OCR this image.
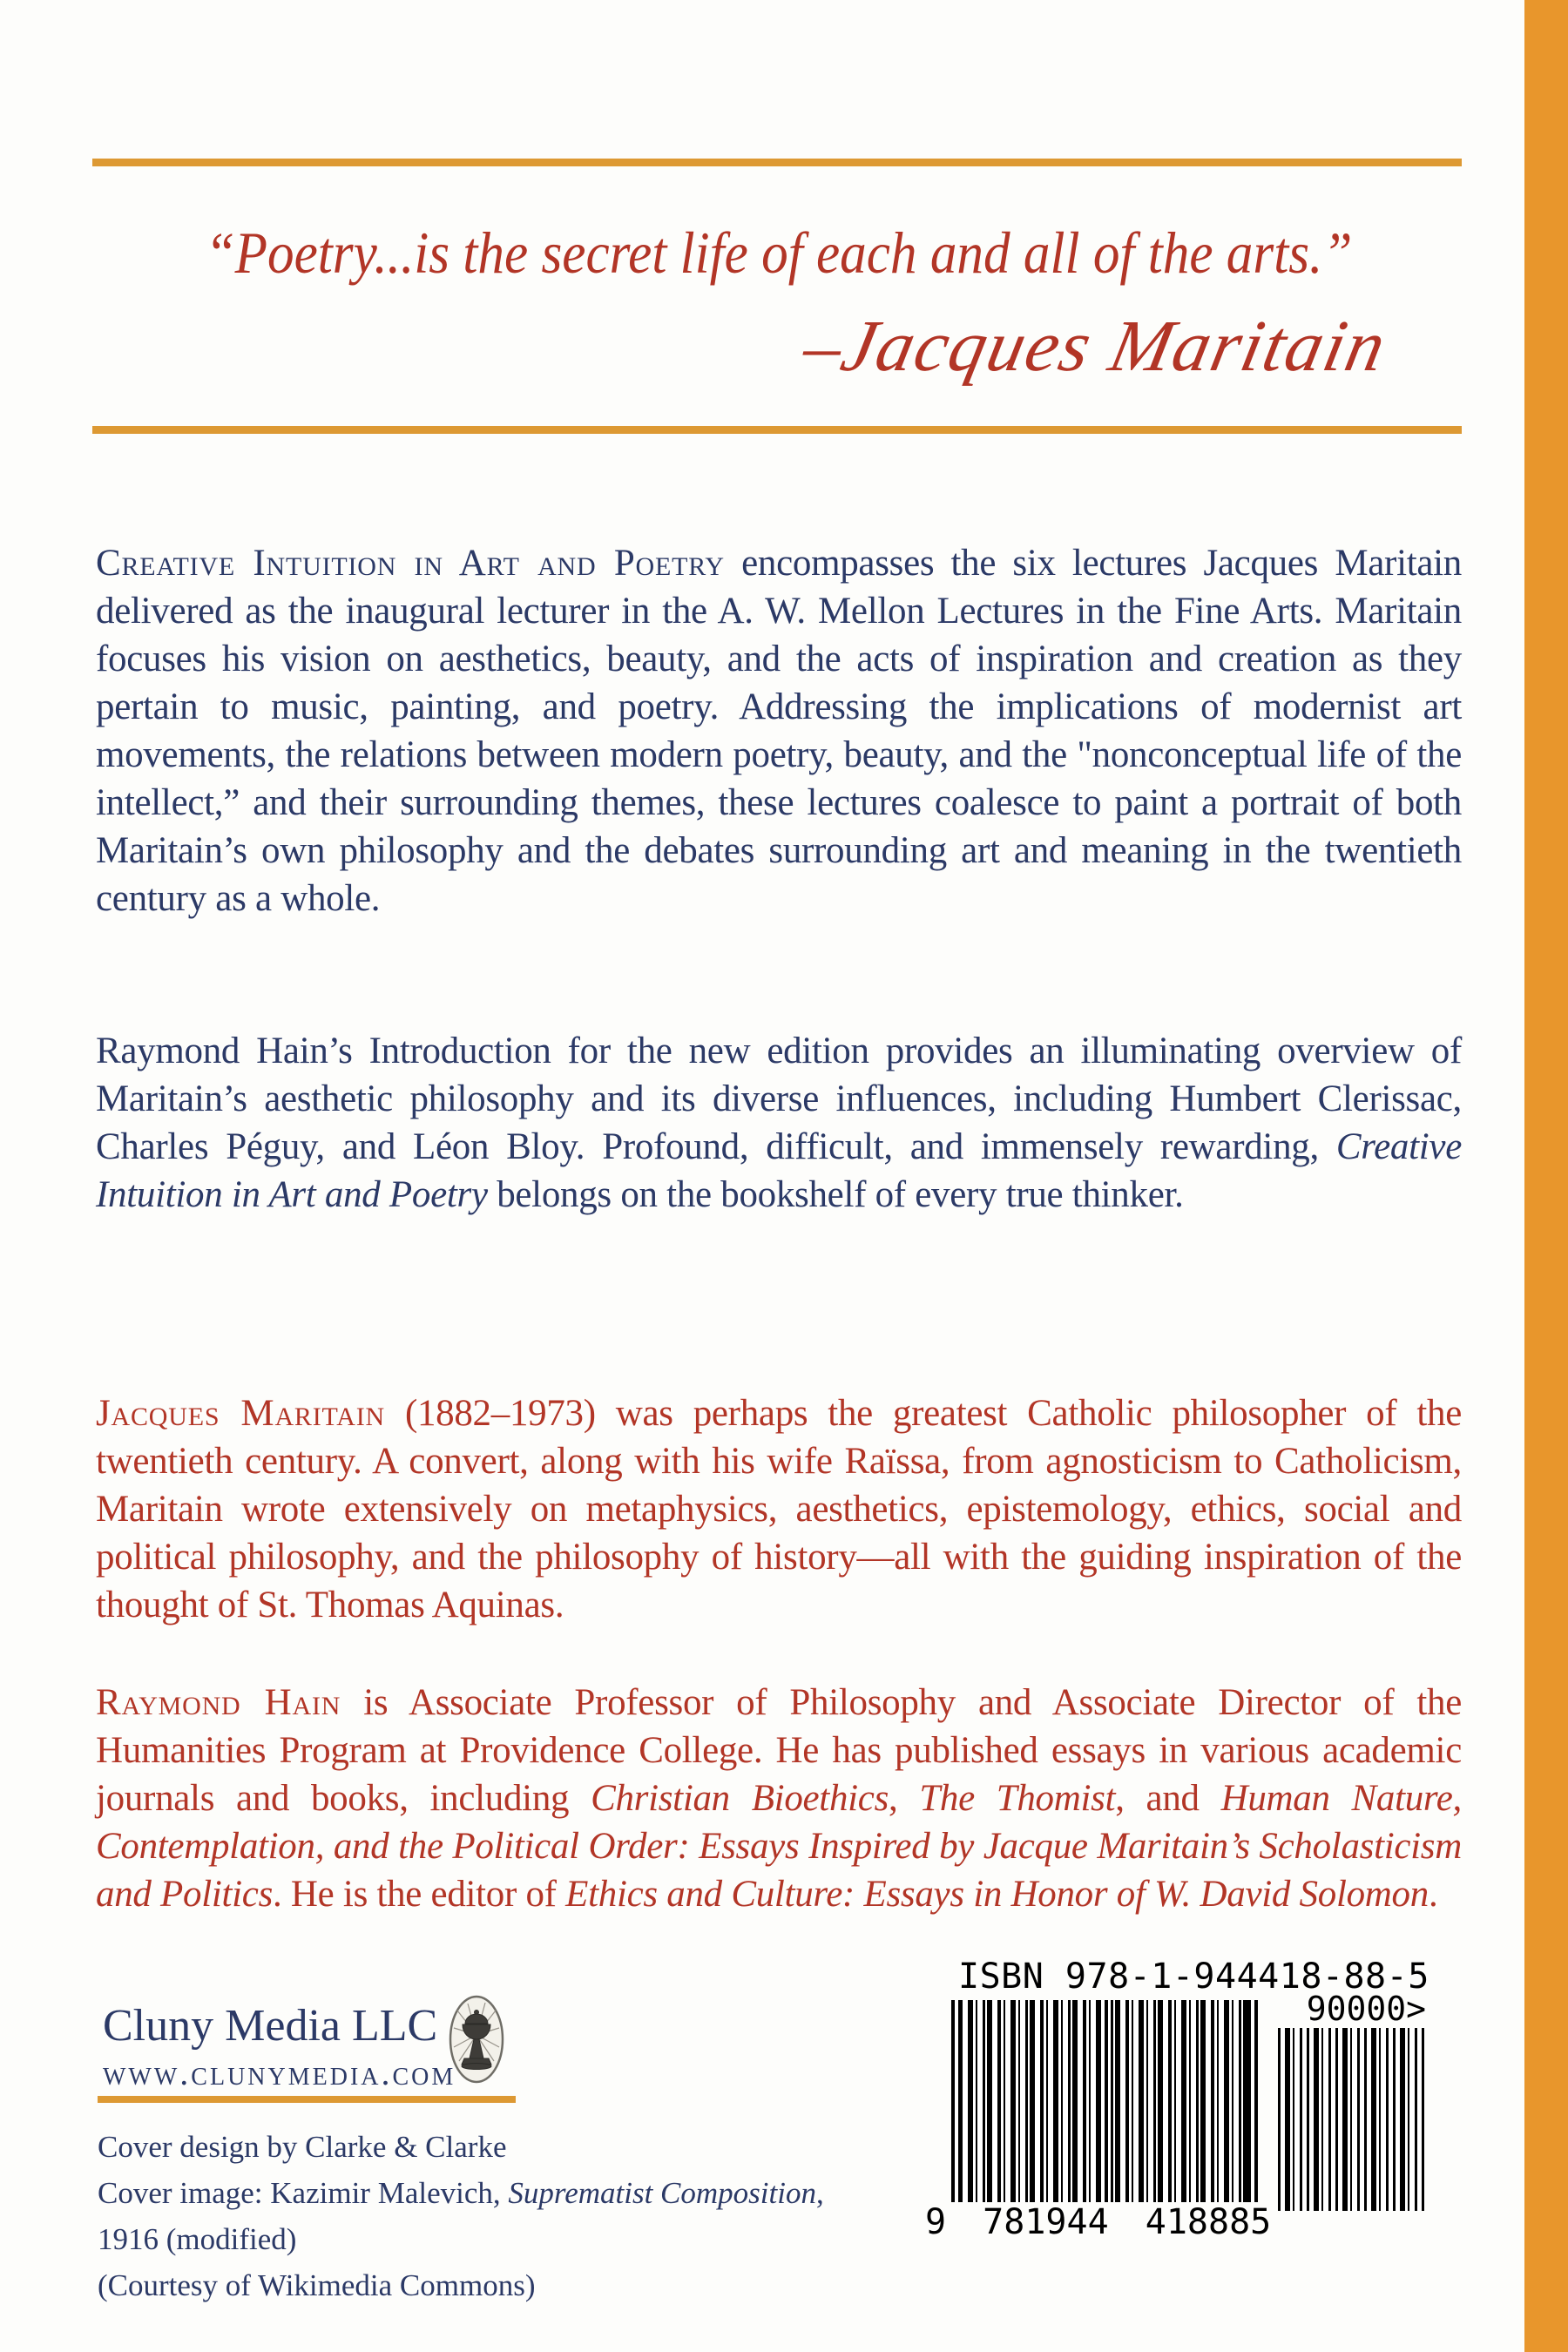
“Poetry...is the secret life of each and all of the arts.”
–Jacques Maritain

Creative Intuition in Art and Poetry encompasses the six lectures Jacques Maritain delivered as the inaugural lecturer in the A. W. Mellon Lectures in the Fine Arts. Maritain focuses his vision on aesthetics, beauty, and the acts of inspiration and creation as they pertain to music, painting, and poetry. Addressing the implications of modernist art movements, the relations between modern poetry, beauty, and the "nonconceptual life of the intellect,” and their surrounding themes, these lectures coalesce to paint a portrait of both Maritain’s own philosophy and the debates surrounding art and meaning in the twentieth century as a whole.

Raymond Hain’s Introduction for the new edition provides an illuminating overview of Maritain’s aesthetic philosophy and its diverse influences, including Humbert Clerissac, Charles Péguy, and Léon Bloy. Profound, difficult, and immensely rewarding, Creative Intuition in Art and Poetry belongs on the bookshelf of every true thinker.

Jacques Maritain (1882–1973) was perhaps the greatest Catholic philosopher of the twentieth century. A convert, along with his wife Raïssa, from agnosticism to Catholicism, Maritain wrote extensively on metaphysics, aesthetics, epistemology, ethics, social and political philosophy, and the philosophy of history—all with the guiding inspiration of the thought of St. Thomas Aquinas.

Raymond Hain is Associate Professor of Philosophy and Associate Director of the Humanities Program at Providence College. He has published essays in various academic journals and books, including Christian Bioethics, The Thomist, and Human Nature, Contemplation, and the Political Order: Essays Inspired by Jacque Maritain’s Scholasticism and Politics. He is the editor of Ethics and Culture: Essays in Honor of W. David Solomon.

Cluny Media LLC
www.clunymedia.com
Cover design by Clarke & Clarke
Cover image: Kazimir Malevich, Suprematist Composition,
1916 (modified)
(Courtesy of Wikimedia Commons)
ISBN 978-1-944418-88-5
9 781944 418885
90000>
